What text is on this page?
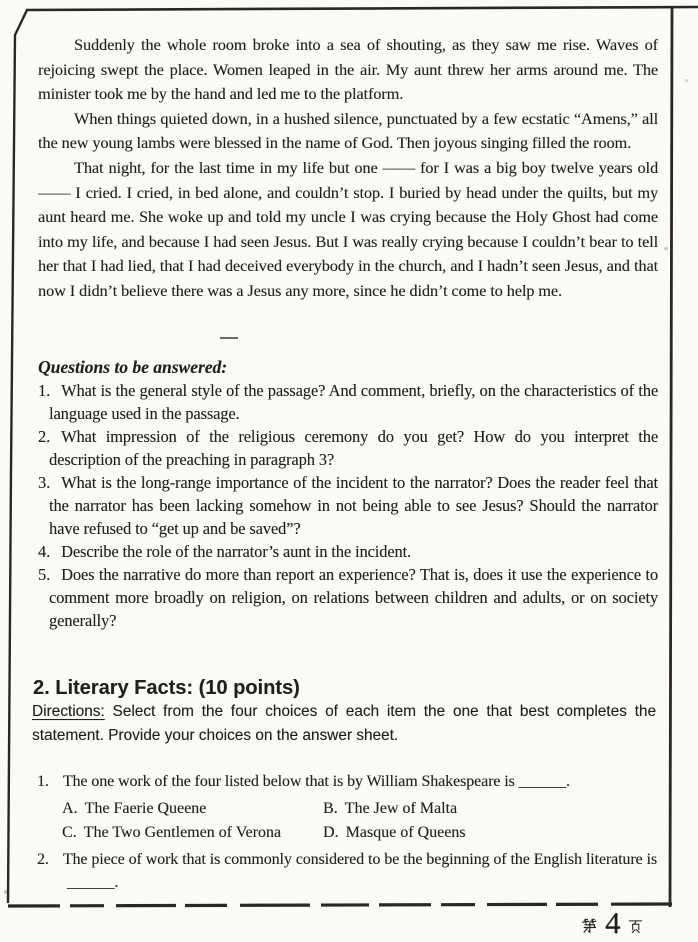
Suddenly the whole room broke into a sea of shouting, as they saw me rise. Waves of rejoicing swept the place. Women leaped in the air. My aunt threw her arms around me. The minister took me by the hand and led me to the platform.

When things quieted down, in a hushed silence, punctuated by a few ecstatic “Amens,” all the new young lambs were blessed in the name of God. Then joyous singing filled the room.

That night, for the last time in my life but one —— for I was a big boy twelve years old —— I cried. I cried, in bed alone, and couldn’t stop. I buried by head under the quilts, but my aunt heard me. She woke up and told my uncle I was crying because the Holy Ghost had come into my life, and because I had seen Jesus. But I was really crying because I couldn’t bear to tell her that I had lied, that I had deceived everybody in the church, and I hadn’t seen Jesus, and that now I didn’t believe there was a Jesus any more, since he didn’t come to help me.

Questions to be answered:

1. What is the general style of the passage? And comment, briefly, on the characteristics of the language used in the passage.
2. What impression of the religious ceremony do you get? How do you interpret the description of the preaching in paragraph 3?
3. What is the long-range importance of the incident to the narrator? Does the reader feel that the narrator has been lacking somehow in not being able to see Jesus? Should the narrator have refused to “get up and be saved”?
4. Describe the role of the narrator’s aunt in the incident.
5. Does the narrative do more than report an experience? That is, does it use the experience to comment more broadly on religion, on relations between children and adults, or on society generally?
2. Literary Facts: (10 points)
Directions: Select from the four choices of each item the one that best completes the statement. Provide your choices on the answer sheet.
1. The one work of the four listed below that is by William Shakespeare is ______.
A. The Faerie Queene	B. The Jew of Malta
C. The Two Gentlemen of Verona	D. Masque of Queens
2. The piece of work that is commonly considered to be the beginning of the English literature is ______.
4
